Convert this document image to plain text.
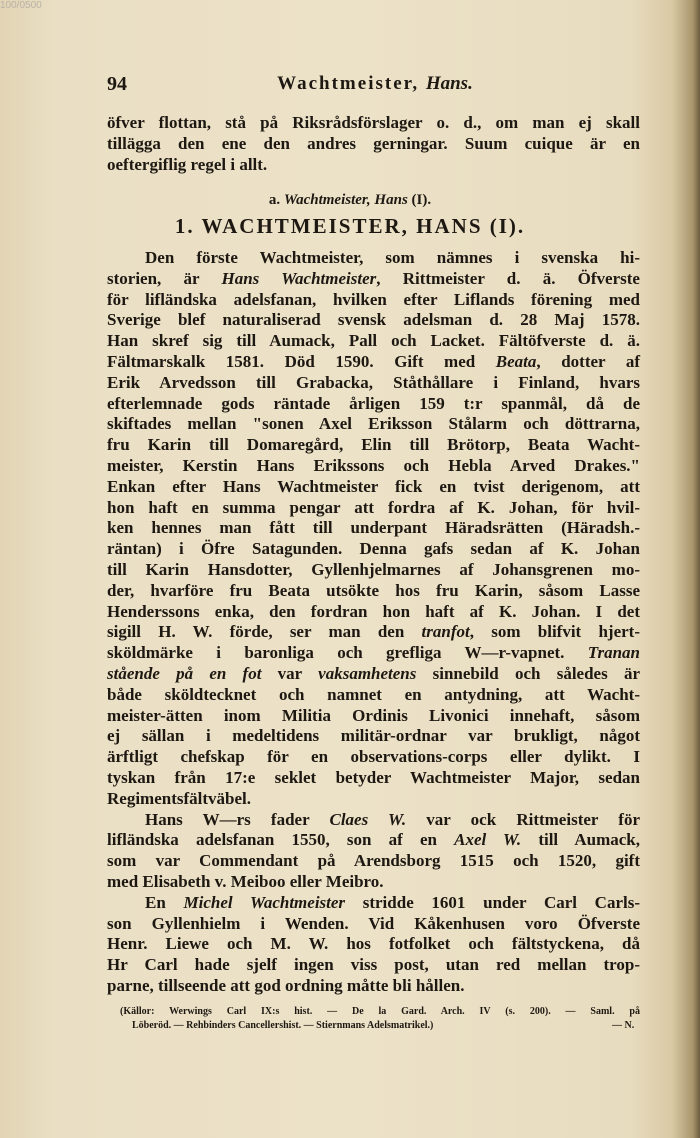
100/0500
94	Wachtmeister, Hans.
öfver flottan, stå på Riksrådsförslager o. d., om man ej skall
tillägga den ene den andres gerningar. Suum cuique är en
oeftergiflig regel i allt.
a. Wachtmeister, Hans (I).
1. WACHTMEISTER, HANS (I).
Den förste Wachtmeister, som nämnes i svenska hi-
storien, är Hans Wachtmeister, Rittmeister d. ä. Öfverste
för lifländska adelsfanan, hvilken efter Liflands förening med
Sverige blef naturaliserad svensk adelsman d. 28 Maj 1578.
Han skref sig till Aumack, Pall och Lacket. Fältöfverste d. ä.
Fältmarskalk 1581. Död 1590. Gift med Beata, dotter af
Erik Arvedsson till Grabacka, Ståthållare i Finland, hvars
efterlemnade gods räntade årligen 159 t:r spanmål, då de
skiftades mellan "sonen Axel Eriksson Stålarm och döttrarna,
fru Karin till Domaregård, Elin till Brötorp, Beata Wacht-
meister, Kerstin Hans Erikssons och Hebla Arved Drakes."
Enkan efter Hans Wachtmeister fick en tvist derigenom, att
hon haft en summa pengar att fordra af K. Johan, för hvil-
ken hennes man fått till underpant Häradsrätten (Häradsh.-
räntan) i Öfre Satagunden. Denna gafs sedan af K. Johan
till Karin Hansdotter, Gyllenhjelmarnes af Johansgrenen mo-
der, hvarföre fru Beata utsökte hos fru Karin, såsom Lasse
Henderssons enka, den fordran hon haft af K. Johan. I det
sigill H. W. förde, ser man den tranfot, som blifvit hjert-
sköldmärke i baronliga och grefliga W—r-vapnet. Tranan
stående på en fot var vaksamhetens sinnebild och således är
både sköldtecknet och namnet en antydning, att Wacht-
meister-ätten inom Militia Ordinis Livonici innehaft, såsom
ej sällan i medeltidens militär-ordnar var brukligt, något
ärftligt chefskap för en observations-corps eller dylikt. I
tyskan från 17:e seklet betyder Wachtmeister Major, sedan
Regimentsfältväbel.
Hans W—rs fader Claes W. var ock Rittmeister för
lifländska adelsfanan 1550, son af en Axel W. till Aumack,
som var Commendant på Arendsborg 1515 och 1520, gift
med Elisabeth v. Meiboo eller Meibro.
En Michel Wachtmeister stridde 1601 under Carl Carls-
son Gyllenhielm i Wenden. Vid Kåkenhusen voro Öfverste
Henr. Liewe och M. W. hos fotfolket och fältstyckena, då
Hr Carl hade sjelf ingen viss post, utan red mellan trop-
parne, tillseende att god ordning måtte bli hållen.
(Källor: Werwings Carl IX:s hist. — De la Gard. Arch. IV (s. 200). — Saml. på
Löberöd. — Rehbinders Cancellershist. — Stiernmans Adelsmatrikel.)	— N.
